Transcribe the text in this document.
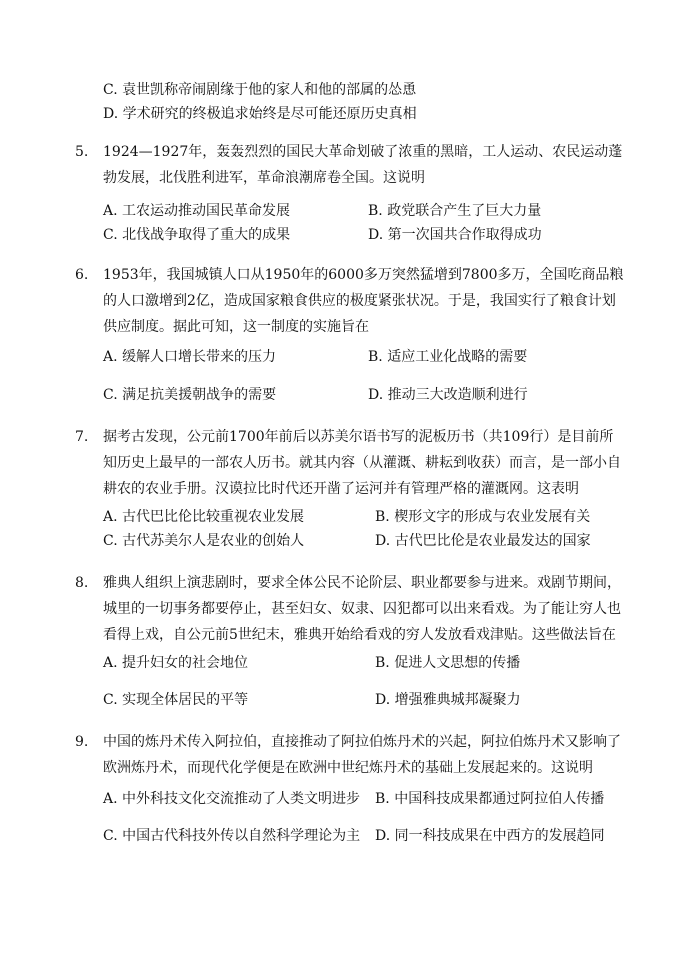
C. 袁世凯称帝闹剧缘于他的家人和他的部属的怂恿
D. 学术研究的终极追求始终是尽可能还原历史真相
5. 1924—1927年，轰轰烈烈的国民大革命划破了浓重的黑暗，工人运动、农民运动蓬
勃发展，北伐胜利进军，革命浪潮席卷全国。这说明
A. 工农运动推动国民革命发展	B. 政党联合产生了巨大力量
C. 北伐战争取得了重大的成果	D. 第一次国共合作取得成功
6. 1953年，我国城镇人口从1950年的6000多万突然猛增到7800多万，全国吃商品粮
的人口激增到2亿，造成国家粮食供应的极度紧张状况。于是，我国实行了粮食计划
供应制度。据此可知，这一制度的实施旨在
A. 缓解人口增长带来的压力	B. 适应工业化战略的需要
C. 满足抗美援朝战争的需要	D. 推动三大改造顺利进行
7. 据考古发现，公元前1700年前后以苏美尔语书写的泥板历书（共109行）是目前所
知历史上最早的一部农人历书。就其内容（从灌溉、耕耘到收获）而言，是一部小自
耕农的农业手册。汉谟拉比时代还开凿了运河并有管理严格的灌溉网。这表明
A. 古代巴比伦比较重视农业发展	B. 楔形文字的形成与农业发展有关
C. 古代苏美尔人是农业的创始人	D. 古代巴比伦是农业最发达的国家
8. 雅典人组织上演悲剧时，要求全体公民不论阶层、职业都要参与进来。戏剧节期间，
城里的一切事务都要停止，甚至妇女、奴隶、囚犯都可以出来看戏。为了能让穷人也
看得上戏，自公元前5世纪末，雅典开始给看戏的穷人发放看戏津贴。这些做法旨在
A. 提升妇女的社会地位	B. 促进人文思想的传播
C. 实现全体居民的平等	D. 增强雅典城邦凝聚力
9. 中国的炼丹术传入阿拉伯，直接推动了阿拉伯炼丹术的兴起，阿拉伯炼丹术又影响了
欧洲炼丹术，而现代化学便是在欧洲中世纪炼丹术的基础上发展起来的。这说明
A. 中外科技文化交流推动了人类文明进步 B. 中国科技成果都通过阿拉伯人传播
C. 中国古代科技外传以自然科学理论为主 D. 同一科技成果在中西方的发展趋同
